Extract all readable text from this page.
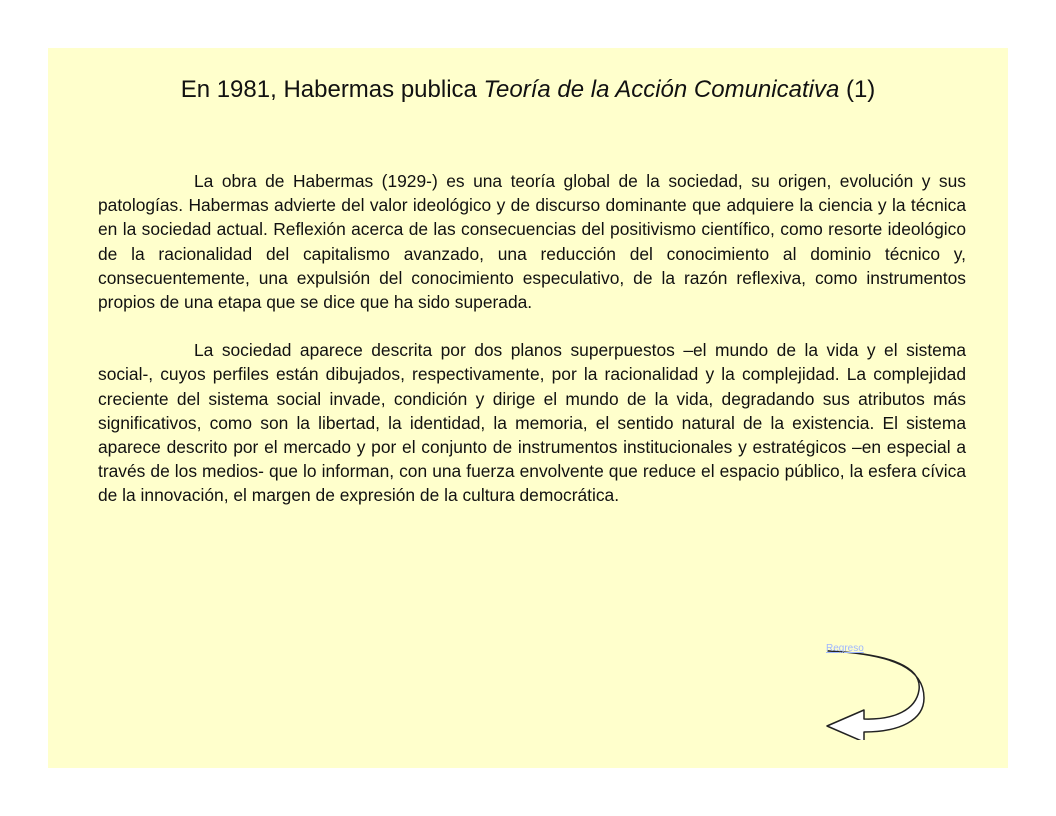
En 1981, Habermas publica Teoría de la Acción Comunicativa (1)

La obra de Habermas (1929-) es una teoría global de la sociedad, su origen, evolución y sus patologías. Habermas advierte del valor ideológico y de discurso dominante que adquiere la ciencia y la técnica en la sociedad actual. Reflexión acerca de las consecuencias del positivismo científico, como resorte ideológico de la racionalidad del capitalismo avanzado, una reducción del conocimiento al dominio técnico y, consecuentemente, una expulsión del conocimiento especulativo, de la razón reflexiva, como instrumentos propios de una etapa que se dice que ha sido superada.

La sociedad aparece descrita por dos planos superpuestos –el mundo de la vida y el sistema social-, cuyos perfiles están dibujados, respectivamente, por la racionalidad y la complejidad. La complejidad creciente del sistema social invade, condición y dirige el mundo de la vida, degradando sus atributos más significativos, como son la libertad, la identidad, la memoria, el sentido natural de la existencia. El sistema aparece descrito por el mercado y por el conjunto de instrumentos institucionales y estratégicos –en especial a través de los medios- que lo informan, con una fuerza envolvente que reduce el espacio público, la esfera cívica de la innovación, el margen de expresión de la cultura democrática.

Regreso
